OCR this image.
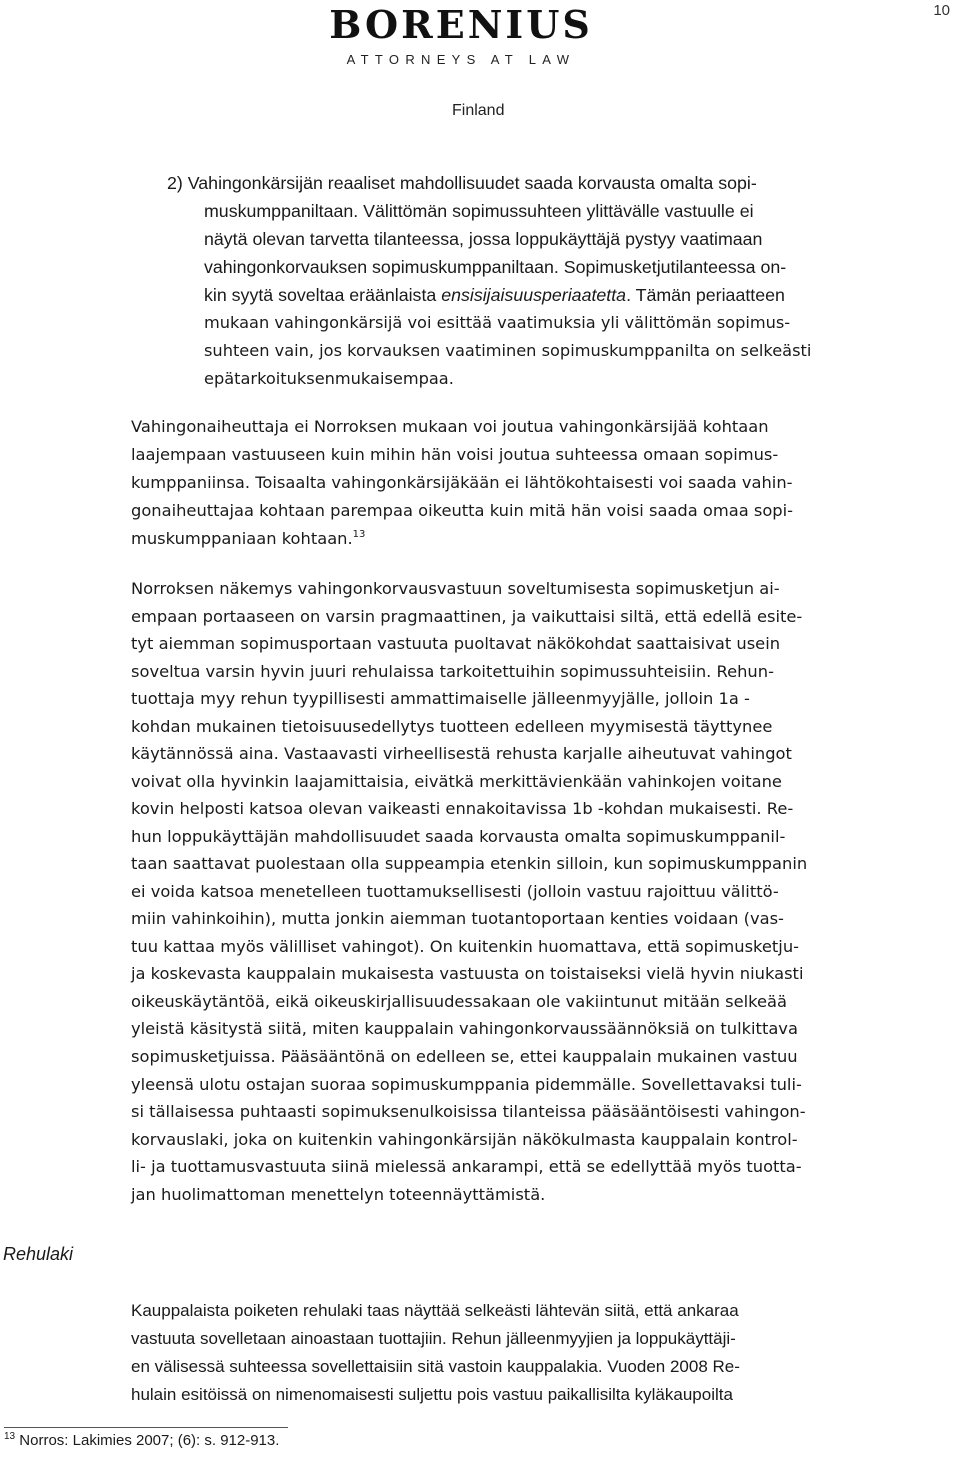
10
BORENIUS
ATTORNEYS AT LAW
Finland
2) Vahingonkärsijän reaaliset mahdollisuudet saada korvausta omalta sopi-
muskumppaniltaan. Välittömän sopimussuhteen ylittävälle vastuulle ei
näytä olevan tarvetta tilanteessa, jossa loppukäyttäjä pystyy vaatimaan
vahingonkorvauksen sopimuskumppaniltaan. Sopimusketjutilanteessa on-
kin syytä soveltaa eräänlaista ensisijaisuusperiaatetta. Tämän periaatteen
mukaan vahingonkärsijä voi esittää vaatimuksia yli välittömän sopimus-
suhteen vain, jos korvauksen vaatiminen sopimuskumppanilta on selkeästi
epätarkoituksenmukaisempaa.
Vahingonaiheuttaja ei Norroksen mukaan voi joutua vahingonkärsijää kohtaan
laajempaan vastuuseen kuin mihin hän voisi joutua suhteessa omaan sopimus-
kumppaniinsa. Toisaalta vahingonkärsijäkään ei lähtökohtaisesti voi saada vahin-
gonaiheuttajaa kohtaan parempaa oikeutta kuin mitä hän voisi saada omaa sopi-
muskumppaniaan kohtaan.$^{13}$
Norroksen näkemys vahingonkorvausvastuun soveltumisesta sopimusketjun ai-
empaan portaaseen on varsin pragmaattinen, ja vaikuttaisi siltä, että edellä esite-
tyt aiemman sopimusportaan vastuuta puoltavat näkökohdat saattaisivat usein
soveltua varsin hyvin juuri rehulaissa tarkoitettuihin sopimussuhteisiin. Rehun-
tuottaja myy rehun tyypillisesti ammattimaiselle jälleenmyyjälle, jolloin 1a -
kohdan mukainen tietoisuusedellytys tuotteen edelleen myymisestä täyttynee
käytännössä aina. Vastaavasti virheellisestä rehusta karjalle aiheutuvat vahingot
voivat olla hyvinkin laajamittaisia, eivätkä merkittävienkään vahinkojen voitane
kovin helposti katsoa olevan vaikeasti ennakoitavissa 1b -kohdan mukaisesti. Re-
hun loppukäyttäjän mahdollisuudet saada korvausta omalta sopimuskumppanil-
taan saattavat puolestaan olla suppeampia etenkin silloin, kun sopimuskumppanin
ei voida katsoa menetelleen tuottamuksellisesti (jolloin vastuu rajoittuu välittö-
miin vahinkoihin), mutta jonkin aiemman tuotantoportaan kenties voidaan (vas-
tuu kattaa myös välilliset vahingot). On kuitenkin huomattava, että sopimusketju-
ja koskevasta kauppalain mukaisesta vastuusta on toistaiseksi vielä hyvin niukasti
oikeuskäytäntöä, eikä oikeuskirjallisuudessakaan ole vakiintunut mitään selkeää
yleistä käsitystä siitä, miten kauppalain vahingonkorvaussäännöksiä on tulkittava
sopimusketjuissa. Pääsääntönä on edelleen se, ettei kauppalain mukainen vastuu
yleensä ulotu ostajan suoraa sopimuskumppania pidemmälle. Sovellettavaksi tuli-
si tällaisessa puhtaasti sopimuksenulkoisissa tilanteissa pääsääntöisesti vahingon-
korvauslaki, joka on kuitenkin vahingonkärsijän näkökulmasta kauppalain kontrol-
li- ja tuottamusvastuuta siinä mielessä ankarampi, että se edellyttää myös tuotta-
jan huolimattoman menettelyn toteennäyttämistä.
Rehulaki
Kauppalaista poiketen rehulaki taas näyttää selkeästi lähtevän siitä, että ankaraa
vastuuta sovelletaan ainoastaan tuottajiin. Rehun jälleenmyyjien ja loppukäyttäji-
en välisessä suhteessa sovellettaisiin sitä vastoin kauppalakia. Vuoden 2008 Re-
hulain esitöissä on nimenomaisesti suljettu pois vastuu paikallisilta kyläkaupoilta
$^{13}$ Norros: Lakimies 2007; (6): s. 912-913.
